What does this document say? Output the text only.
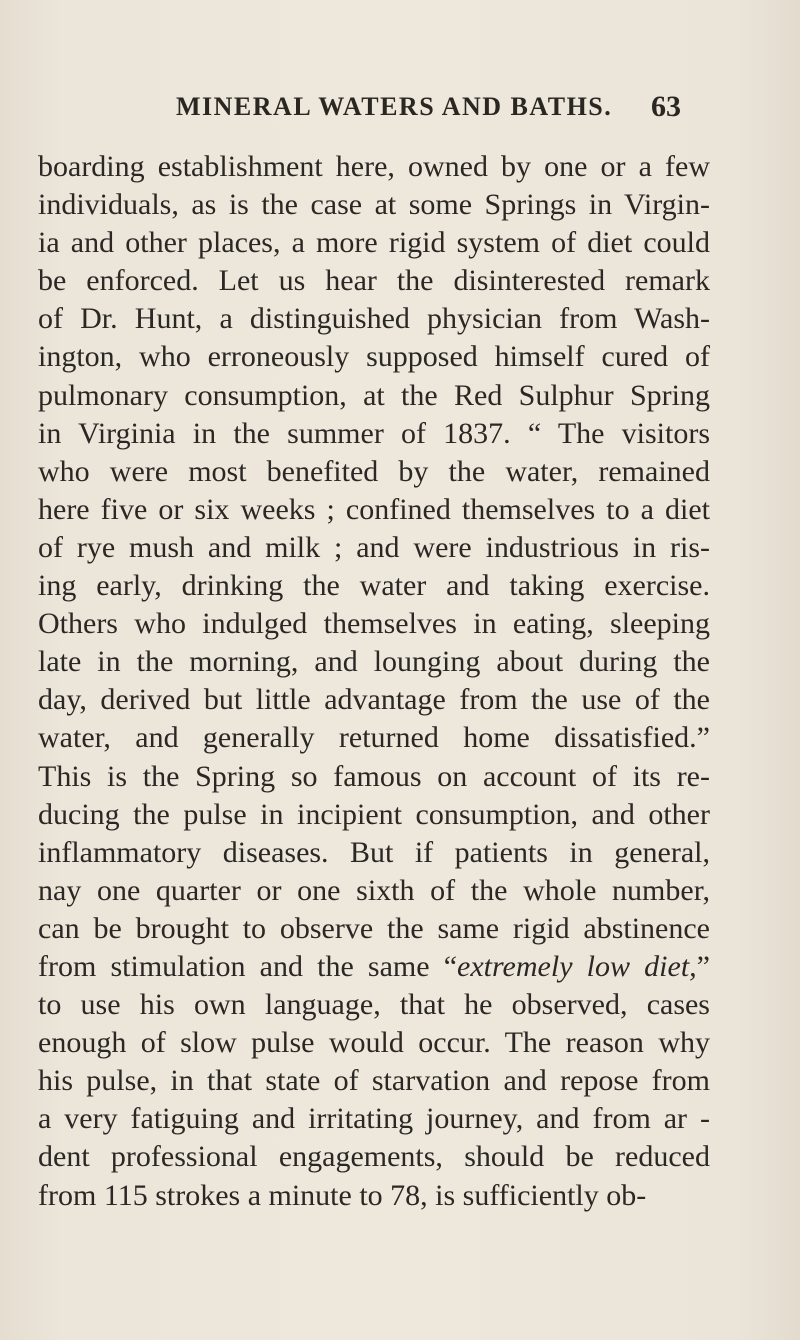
MINERAL WATERS AND BATHS. 63
boarding establishment here, owned by one or a few
individuals, as is the case at some Springs in Virgin-
ia and other places, a more rigid system of diet could
be enforced. Let us hear the disinterested remark
of Dr. Hunt, a distinguished physician from Wash-
ington, who erroneously supposed himself cured of
pulmonary consumption, at the Red Sulphur Spring
in Virginia in the summer of 1837. “ The visitors
who were most benefited by the water, remained
here five or six weeks ; confined themselves to a diet
of rye mush and milk ; and were industrious in ris-
ing early, drinking the water and taking exercise.
Others who indulged themselves in eating, sleeping
late in the morning, and lounging about during the
day, derived but little advantage from the use of the
water, and generally returned home dissatisfied.”
This is the Spring so famous on account of its re-
ducing the pulse in incipient consumption, and other
inflammatory diseases. But if patients in general,
nay one quarter or one sixth of the whole number,
can be brought to observe the same rigid abstinence
from stimulation and the same “extremely low diet,”
to use his own language, that he observed, cases
enough of slow pulse would occur. The reason why
his pulse, in that state of starvation and repose from
a very fatiguing and irritating journey, and from ar -
dent professional engagements, should be reduced
from 115 strokes a minute to 78, is sufficiently ob-
